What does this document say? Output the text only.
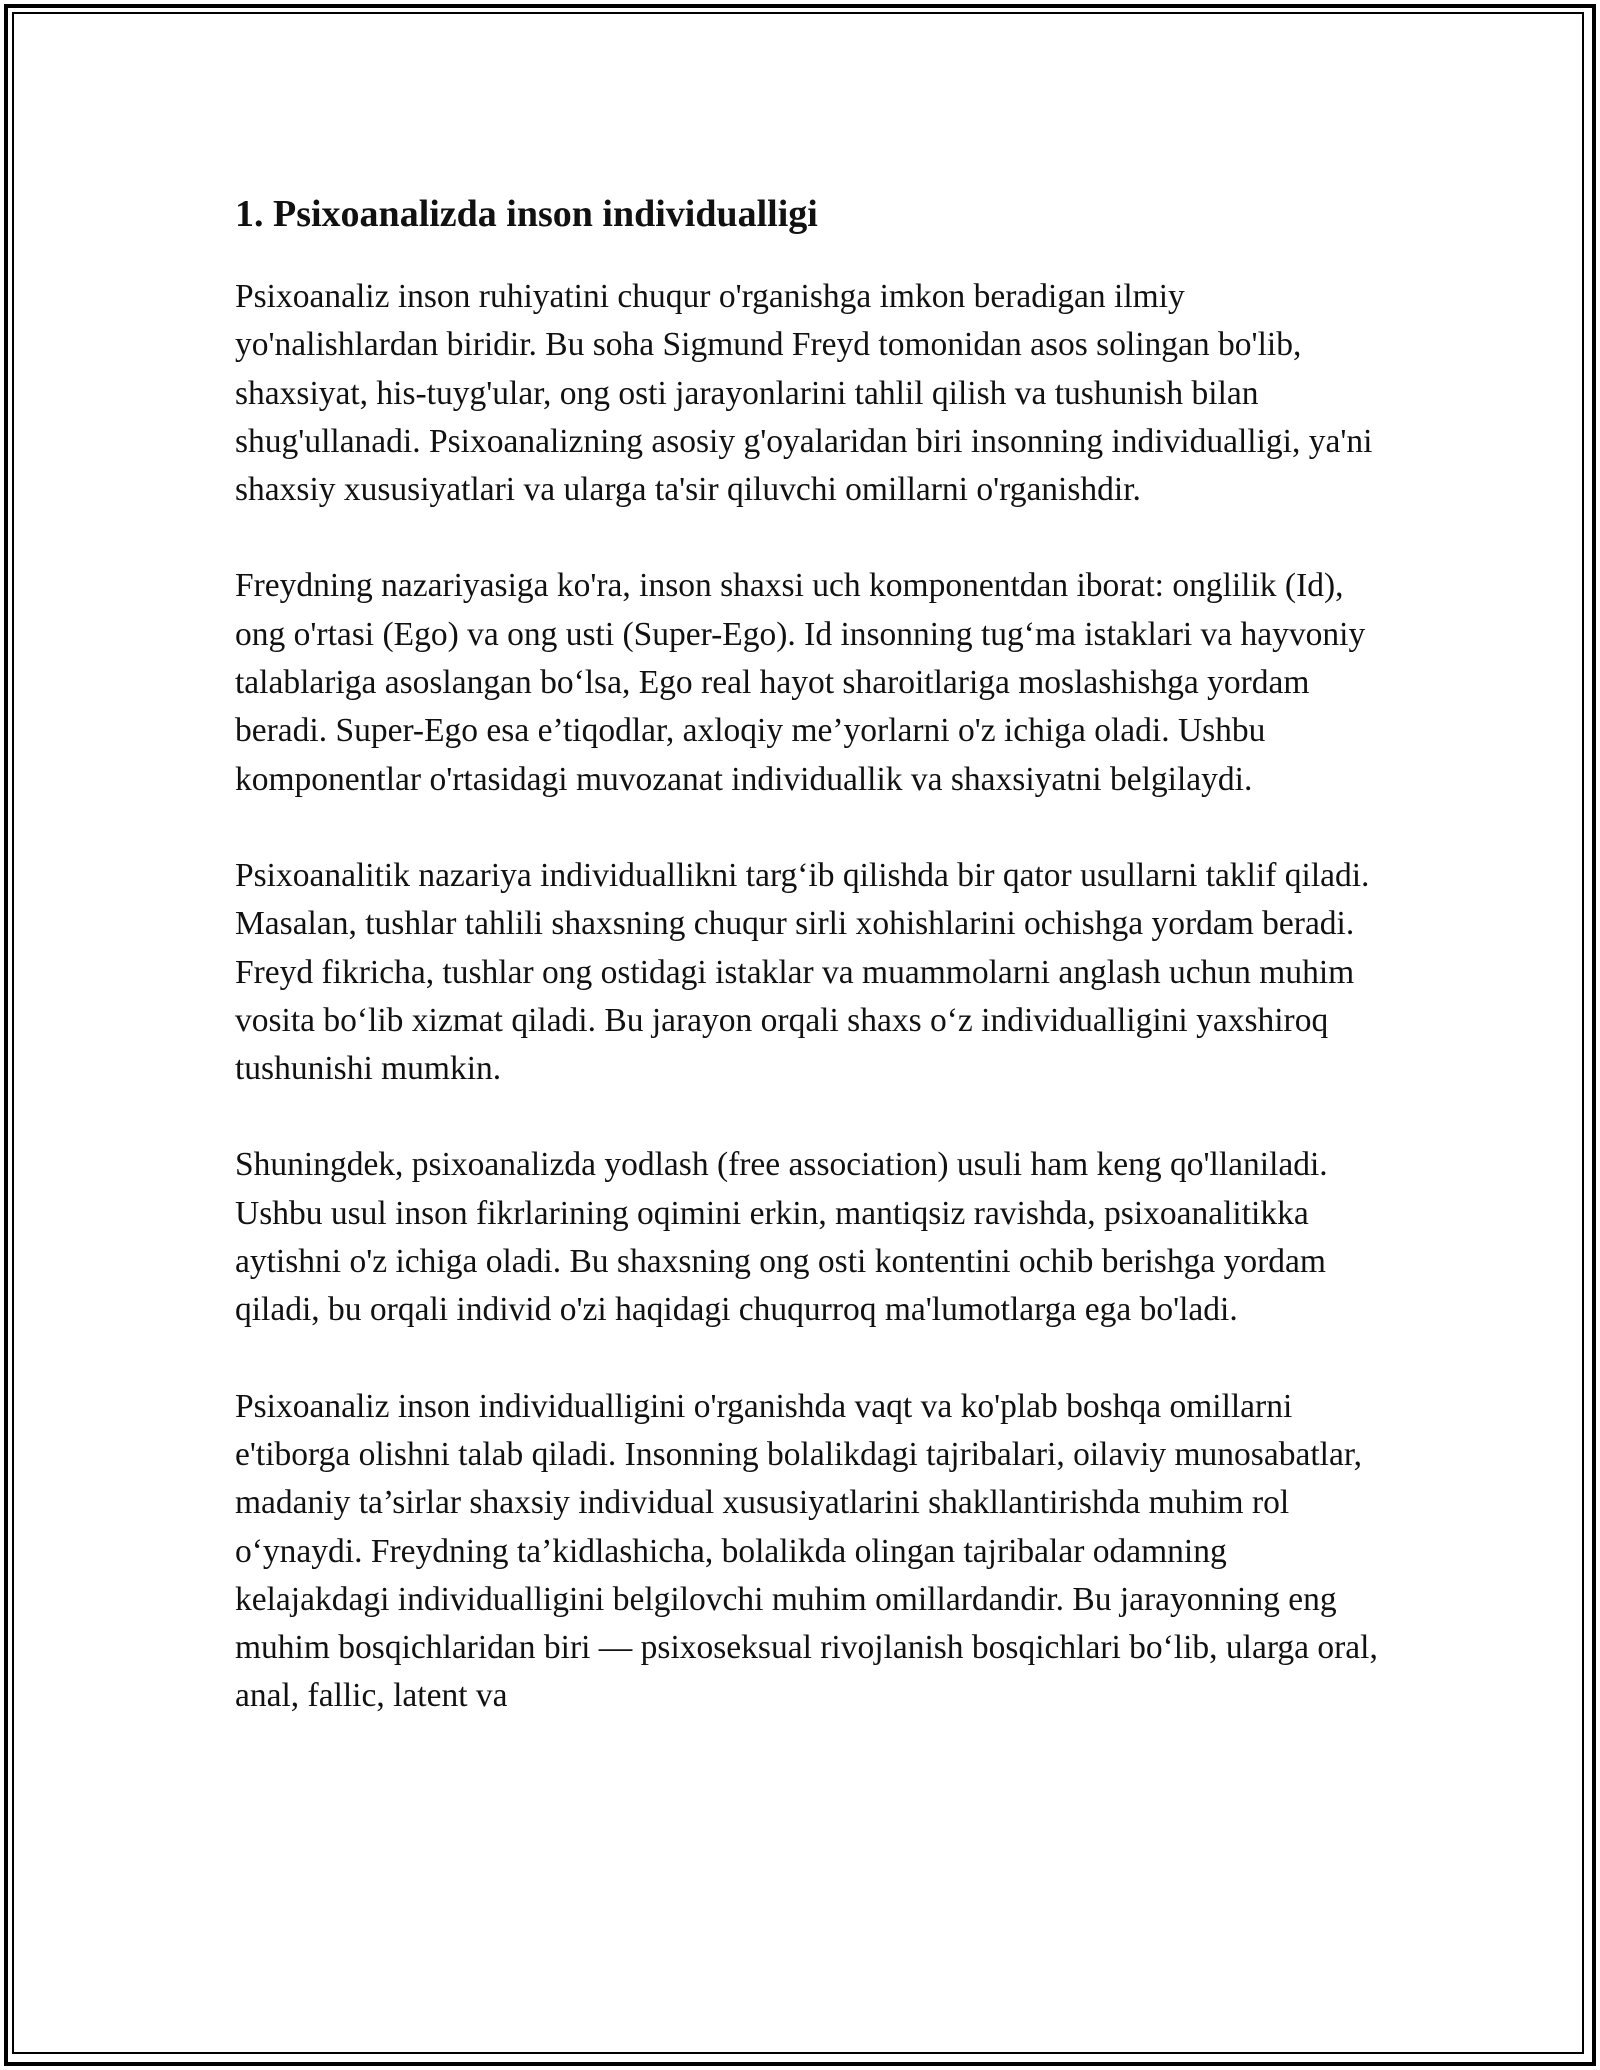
1. Psixoanalizda inson individualligi

Psixoanaliz inson ruhiyatini chuqur o'rganishga imkon beradigan ilmiy yo'nalishlardan biridir. Bu soha Sigmund Freyd tomonidan asos solingan bo'lib, shaxsiyat, his-tuyg'ular, ong osti jarayonlarini tahlil qilish va tushunish bilan shug'ullanadi. Psixoanalizning asosiy g'oyalaridan biri insonning individualligi, ya'ni shaxsiy xususiyatlari va ularga ta'sir qiluvchi omillarni o'rganishdir.

Freydning nazariyasiga ko'ra, inson shaxsi uch komponentdan iborat: onglilik (Id), ong o'rtasi (Ego) va ong usti (Super-Ego). Id insonning tug‘ma istaklari va hayvoniy talablariga asoslangan bo‘lsa, Ego real hayot sharoitlariga moslashishga yordam beradi. Super-Ego esa e’tiqodlar, axloqiy me’yorlarni o'z ichiga oladi. Ushbu komponentlar o'rtasidagi muvozanat individuallik va shaxsiyatni belgilaydi.

Psixoanalitik nazariya individuallikni targ‘ib qilishda bir qator usullarni taklif qiladi. Masalan, tushlar tahlili shaxsning chuqur sirli xohishlarini ochishga yordam beradi. Freyd fikricha, tushlar ong ostidagi istaklar va muammolarni anglash uchun muhim vosita bo‘lib xizmat qiladi. Bu jarayon orqali shaxs o‘z individualligini yaxshiroq tushunishi mumkin.

Shuningdek, psixoanalizda yodlash (free association) usuli ham keng qo'llaniladi. Ushbu usul inson fikrlarining oqimini erkin, mantiqsiz ravishda, psixoanalitikka aytishni o'z ichiga oladi. Bu shaxsning ong osti kontentini ochib berishga yordam qiladi, bu orqali individ o'zi haqidagi chuqurroq ma'lumotlarga ega bo'ladi.

Psixoanaliz inson individualligini o'rganishda vaqt va ko'plab boshqa omillarni e'tiborga olishni talab qiladi. Insonning bolalikdagi tajribalari, oilaviy munosabatlar, madaniy ta’sirlar shaxsiy individual xususiyatlarini shakllantirishda muhim rol o‘ynaydi. Freydning ta’kidlashicha, bolalikda olingan tajribalar odamning kelajakdagi individualligini belgilovchi muhim omillardandir. Bu jarayonning eng muhim bosqichlaridan biri — psixoseksual rivojlanish bosqichlari bo‘lib, ularga oral, anal, fallic, latent va
